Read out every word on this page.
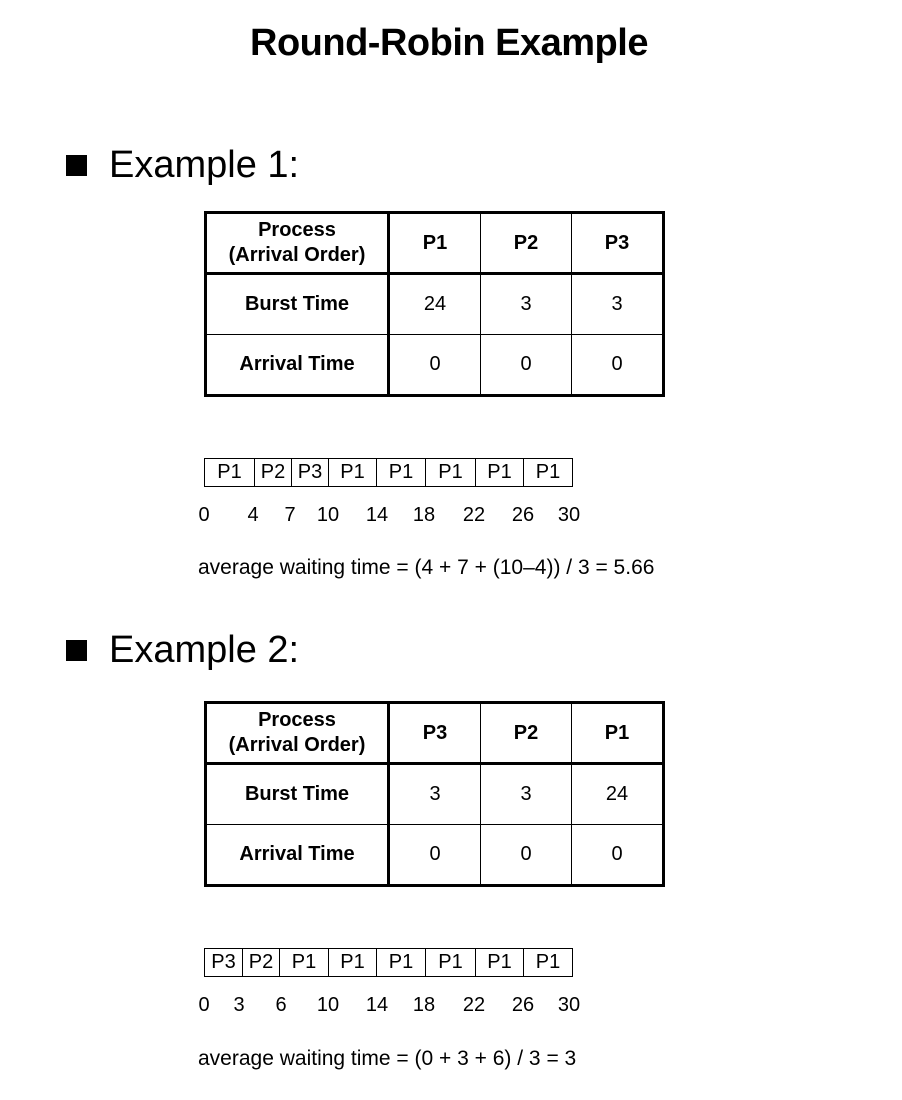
Round-Robin Example
Example 1:
Process
(Arrival Order)	P1	P2	P3
Burst Time	24	3	3
Arrival Time	0	0	0
P1 P2 P3 P1	P1	P1	P1	P1
0 4 7 10 14 18 22 26 30
average waiting time = (4 + 7 + (10–4)) / 3 = 5.66
Example 2:
Process
(Arrival Order)	P3	P2	P1
Burst Time	3	3	24
Arrival Time	0	0	0
P3 P2 P1	P1	P1	P1	P1	P1
0 3 6 10 14 18 22 26 30
average waiting time = (0 + 3 + 6) / 3 = 3
